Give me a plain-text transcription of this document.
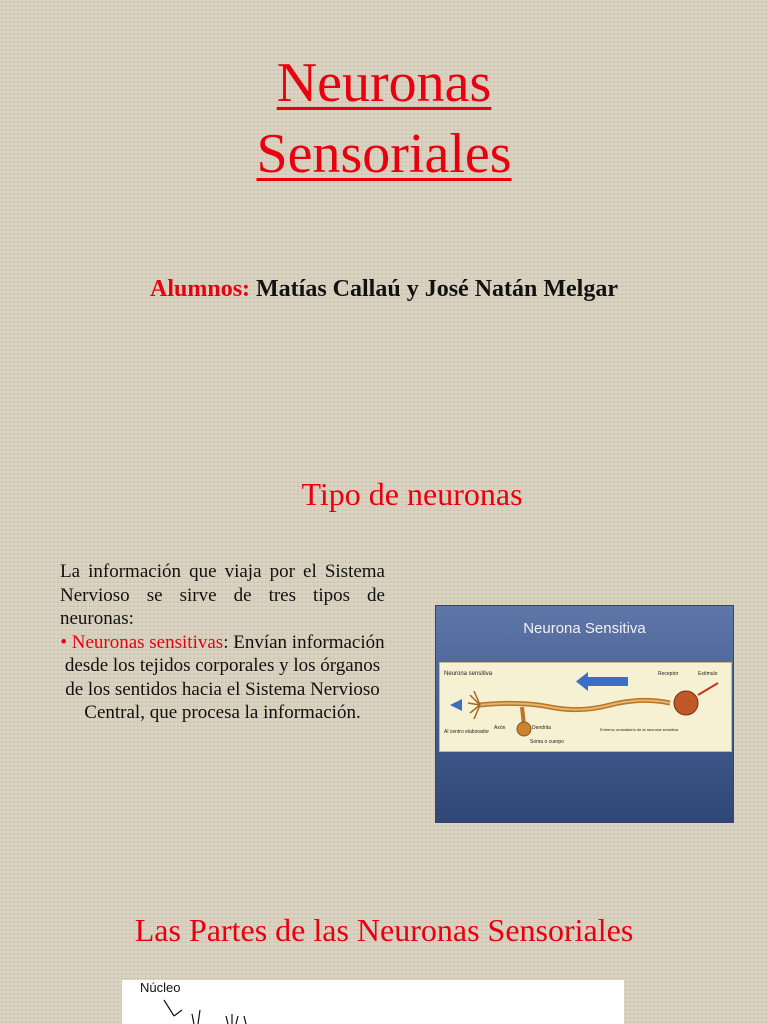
Neuronas
Sensoriales
Alumnos: Matías Callaú y José Natán Melgar
Tipo de neuronas
La información que viaja por el Sistema Nervioso se sirve de tres tipos de neuronas:
• Neuronas sensitivas: Envían información desde los tejidos corporales y los órganos de los sentidos hacia el Sistema Nervioso Central, que procesa la información.
Neurona Sensitiva
Neurona sensitiva	Receptor	Estímulo
Al centro elaborador
Axón	Dendrita
Soma o cuerpo
Extremo ondulatorio de la neurona sensitiva
Las Partes de las Neuronas Sensoriales
Núcleo
